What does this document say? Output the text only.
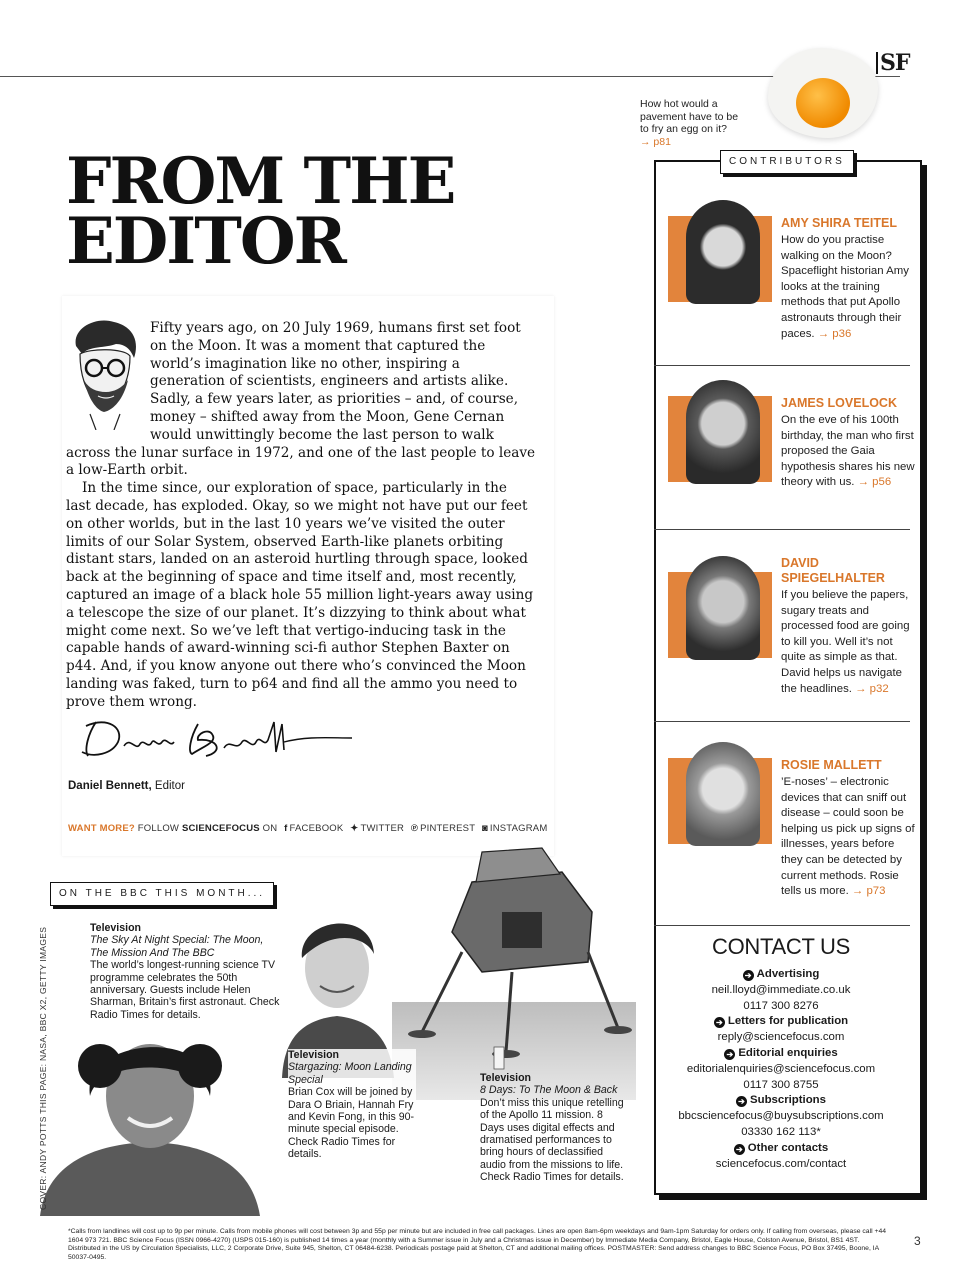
SF
How hot would a pavement have to be to fry an egg on it? → p81
FROM THE
EDITOR

Fifty years ago, on 20 July 1969, humans first set foot on the Moon. It was a moment that captured the world’s imagination like no other, inspiring a generation of scientists, engineers and artists alike. Sadly, a few years later, as priorities – and, of course, money – shifted away from the Moon, Gene Cernan would unwittingly become the last person to walk across the lunar surface in 1972, and one of the last people to leave a low-Earth orbit.

In the time since, our exploration of space, particularly in the last decade, has exploded. Okay, so we might not have put our feet on other worlds, but in the last 10 years we’ve visited the outer limits of our Solar System, observed Earth-like planets orbiting distant stars, landed on an asteroid hurtling through space, looked back at the beginning of space and time itself and, most recently, captured an image of a black hole 55 million light-years away using a telescope the size of our planet. It’s dizzying to think about what might come next. So we’ve left that vertigo-inducing task in the capable hands of award-winning sci-fi author Stephen Baxter on p44. And, if you know anyone out there who’s convinced the Moon landing was faked, turn to p64 and find all the ammo you need to prove them wrong.

Daniel Bennett, Editor
WANT MORE? FOLLOW SCIENCEFOCUS ON f FACEBOOK ✦ TWITTER ℗ PINTEREST ◙ INSTAGRAM
CONTRIBUTORS
AMY SHIRA TEITEL
How do you practise walking on the Moon? Spaceflight historian Amy looks at the training methods that put Apollo astronauts through their paces. → p36
JAMES LOVELOCK
On the eve of his 100th birthday, the man who first proposed the Gaia hypothesis shares his new theory with us. → p56
DAVID SPIEGELHALTER
If you believe the papers, sugary treats and processed food are going to kill you. Well it’s not quite as simple as that. David helps us navigate the headlines. → p32
ROSIE MALLETT
’E-noses’ – electronic devices that can sniff out disease – could soon be helping us pick up signs of illnesses, years before they can be detected by current methods. Rosie tells us more. → p73
CONTACT US
➔ Advertising
neil.lloyd@immediate.co.uk
0117 300 8276
➔ Letters for publication
reply@sciencefocus.com
➔ Editorial enquiries
editorialenquiries@sciencefocus.com
0117 300 8755
➔ Subscriptions
bbcsciencefocus@buysubscriptions.com
03330 162 113*
➔ Other contacts
sciencefocus.com/contact
ON THE BBC THIS MONTH...
Television
The Sky At Night Special: The Moon, The Mission And The BBC
The world’s longest-running science TV programme celebrates the 50th anniversary. Guests include Helen Sharman, Britain’s first astronaut. Check Radio Times for details.
Television
Stargazing: Moon Landing Special
Brian Cox will be joined by Dara O Briain, Hannah Fry and Kevin Fong, in this 90-minute special episode. Check Radio Times for details.
Television
8 Days: To The Moon & Back
Don’t miss this unique retelling of the Apollo 11 mission. 8 Days uses digital effects and dramatised performances to bring hours of declassified audio from the missions to life. Check Radio Times for details.
COVER: ANDY POTTS THIS PAGE: NASA, BBC X2, GETTY IMAGES
*Calls from landlines will cost up to 9p per minute. Calls from mobile phones will cost between 3p and 55p per minute but are included in free call packages. Lines are open 8am-6pm weekdays and 9am-1pm Saturday for orders only. If calling from overseas, please call +44 1604 973 721. BBC Science Focus (ISSN 0966-4270) (USPS 015-160) is published 14 times a year (monthly with a Summer issue in July and a Christmas issue in December) by Immediate Media Company, Bristol, Eagle House, Colston Avenue, Bristol, BS1 4ST. Distributed in the US by Circulation Specialists, LLC, 2 Corporate Drive, Suite 945, Shelton, CT 06484-6238. Periodicals postage paid at Shelton, CT and additional mailing offices. POSTMASTER: Send address changes to BBC Science Focus, PO Box 37495, Boone, IA 50037-0495.
3
